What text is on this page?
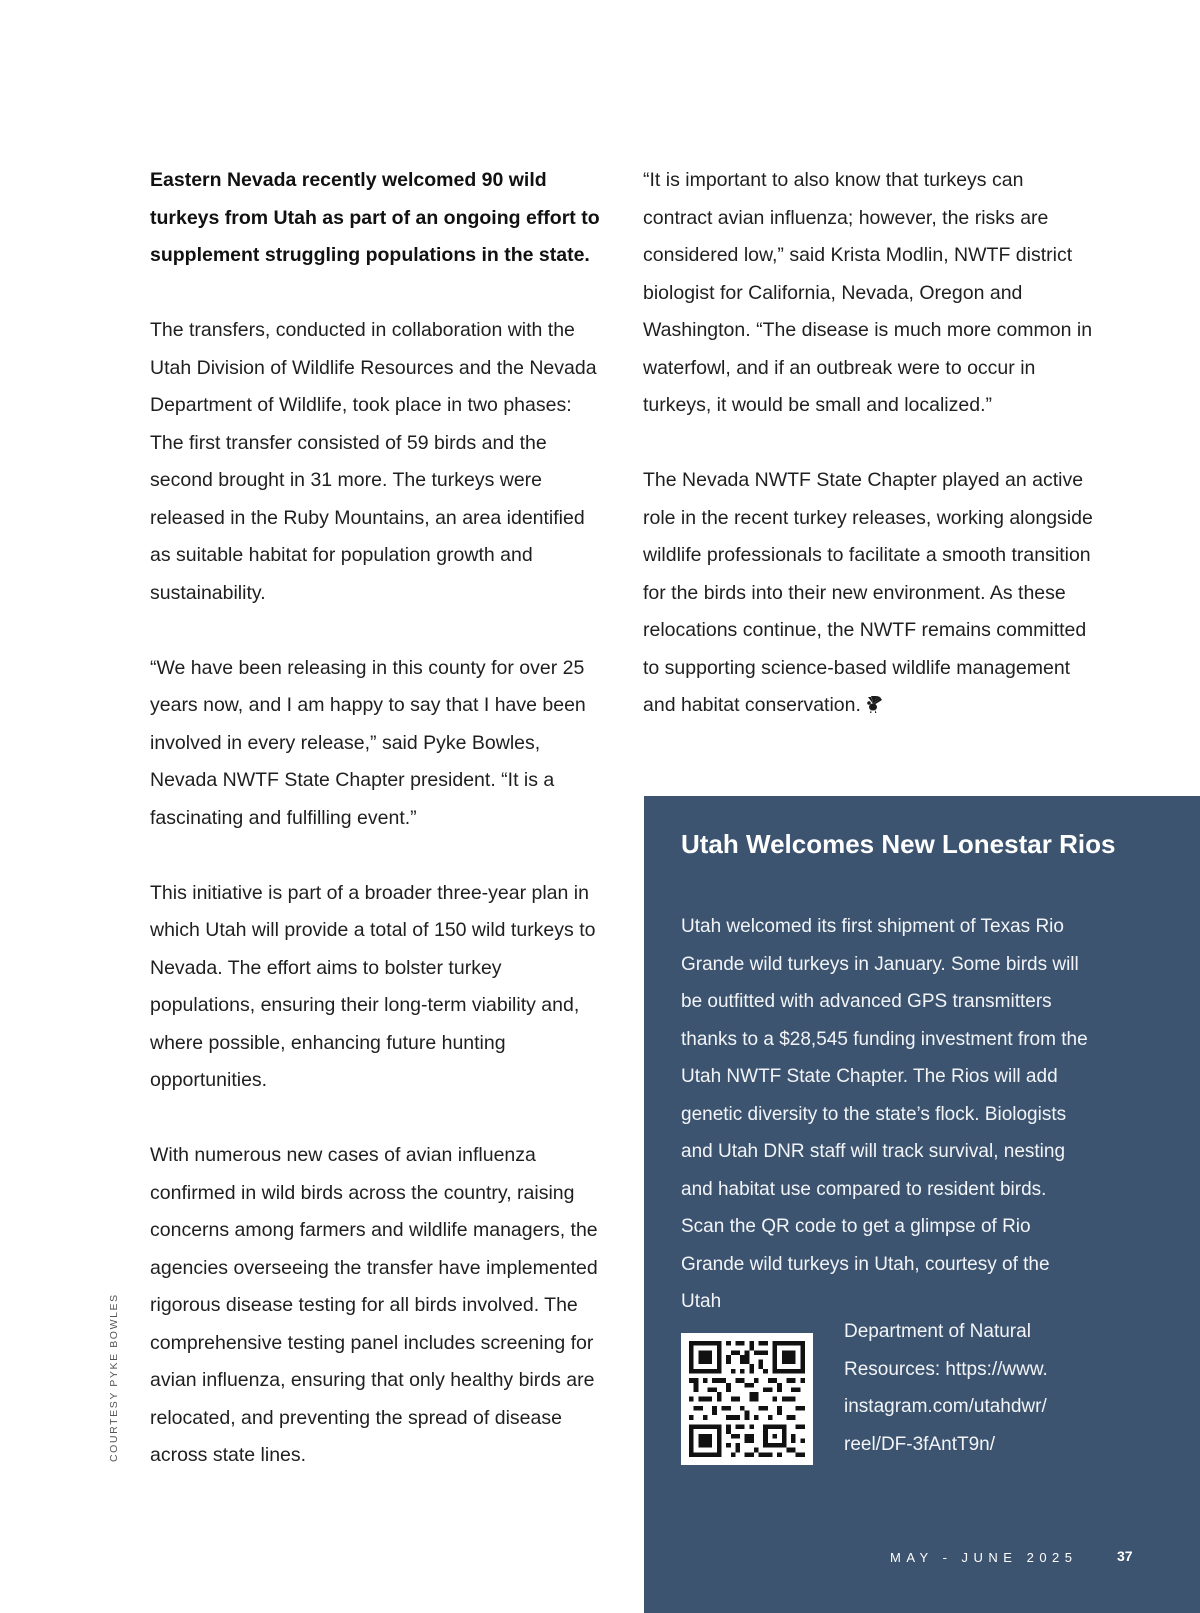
Eastern Nevada recently welcomed 90 wild turkeys from Utah as part of an ongoing effort to supplement struggling populations in the state.

The transfers, conducted in collaboration with the Utah Division of Wildlife Resources and the Nevada Department of Wildlife, took place in two phases: The first transfer consisted of 59 birds and the second brought in 31 more. The turkeys were released in the Ruby Mountains, an area identified as suitable habitat for population growth and sustainability.

“We have been releasing in this county for over 25 years now, and I am happy to say that I have been involved in every release,” said Pyke Bowles, Nevada NWTF State Chapter president. “It is a fascinating and fulfilling event.”

This initiative is part of a broader three-year plan in which Utah will provide a total of 150 wild turkeys to Nevada. The effort aims to bolster turkey populations, ensuring their long-term viability and, where possible, enhancing future hunting opportunities.

With numerous new cases of avian influenza confirmed in wild birds across the country, raising concerns among farmers and wildlife managers, the agencies overseeing the transfer have implemented rigorous disease testing for all birds involved. The comprehensive testing panel includes screening for avian influenza, ensuring that only healthy birds are relocated, and preventing the spread of disease across state lines.

“It is important to also know that turkeys can contract avian influenza; however, the risks are considered low,” said Krista Modlin, NWTF district biologist for California, Nevada, Oregon and Washington. “The disease is much more common in waterfowl, and if an outbreak were to occur in turkeys, it would be small and localized.”

The Nevada NWTF State Chapter played an active role in the recent turkey releases, working alongside wildlife professionals to facilitate a smooth transition for the birds into their new environment. As these relocations continue, the NWTF remains committed to supporting science-based wildlife management and habitat conservation.

COURTESY PYKE BOWLES
Utah Welcomes New Lonestar Rios

Utah welcomed its first shipment of Texas Rio Grande wild turkeys in January. Some birds will be outfitted with advanced GPS transmitters thanks to a $28,545 funding investment from the Utah NWTF State Chapter. The Rios will add genetic diversity to the state’s flock. Biologists and Utah DNR staff will track survival, nesting and habitat use compared to resident birds. Scan the QR code to get a glimpse of Rio Grande wild turkeys in Utah, courtesy of the Utah

Department of Natural Resources: https://www. instagram.com/utahdwr/ reel/DF-3fAntT9n/

MAY - JUNE 2025	37
